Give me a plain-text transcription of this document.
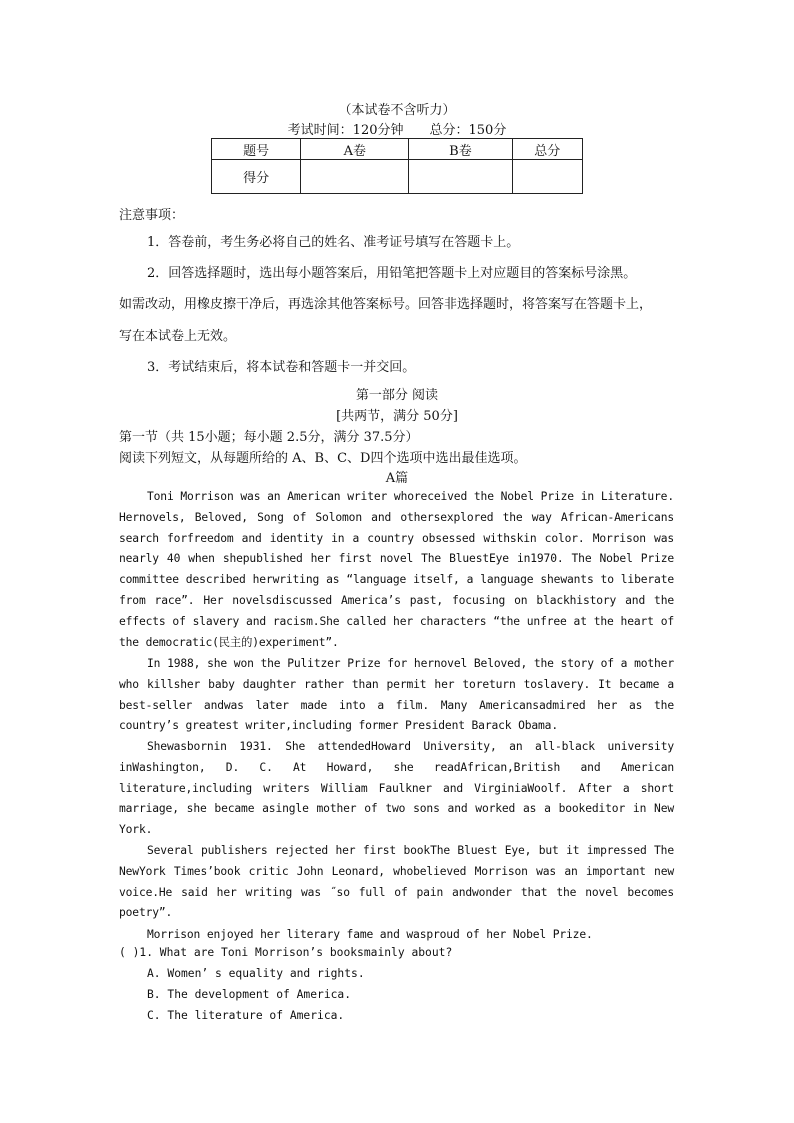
（本试卷不含听力）
考试时间：120分钟 总分：150分
题号	A卷	B卷	总分
得分			
注意事项：
1．答卷前，考生务必将自己的姓名、准考证号填写在答题卡上。
2．回答选择题时，选出每小题答案后，用铅笔把答题卡上对应题目的答案标号涂黑。
如需改动，用橡皮擦干净后，再选涂其他答案标号。回答非选择题时，将答案写在答题卡上，
写在本试卷上无效。
3．考试结束后，将本试卷和答题卡一并交回。
第一部分 阅读
[共两节，满分 50分]
第一节（共 15小题；每小题 2.5分，满分 37.5分）
阅读下列短文，从每题所给的 A、B、C、D四个选项中选出最佳选项。
A篇
Toni Morrison was an American writer whoreceived the Nobel Prize in Literature. Hernovels, Beloved, Song of Solomon and othersexplored the way African-Americans search forfreedom and identity in a country obsessed withskin color. Morrison was nearly 40 when shepublished her first novel The BluestEye in1970. The Nobel Prize committee described herwriting as “language itself, a language shewants to liberate from race”. Her novelsdiscussed America’s past, focusing on blackhistory and the effects of slavery and racism.She called her characters “the unfree at the heart of the democratic(民主的)experiment”.
In 1988, she won the Pulitzer Prize for hernovel Beloved, the story of a mother who killsher baby daughter rather than permit her toreturn toslavery. It became a best-seller andwas later made into a film. Many Americansadmired her as the country’s greatest writer,including former President Barack Obama.
Shewasbornin 1931. She attendedHoward University, an all-black university inWashington, D. C. At Howard, she readAfrican,British and American literature,including writers William Faulkner and VirginiaWoolf. After a short marriage, she became asingle mother of two sons and worked as a bookeditor in New York.
Several publishers rejected her first bookThe Bluest Eye, but it impressed The NewYork Times’book critic John Leonard, whobelieved Morrison was an important new voice.He said her writing was ˝so full of pain andwonder that the novel becomes poetry”.
Morrison enjoyed her literary fame and wasproud of her Nobel Prize.
( )1. What are Toni Morrison’s booksmainly about?
A. Women’ s equality and rights.
B. The development of America.
C. The literature of America.
